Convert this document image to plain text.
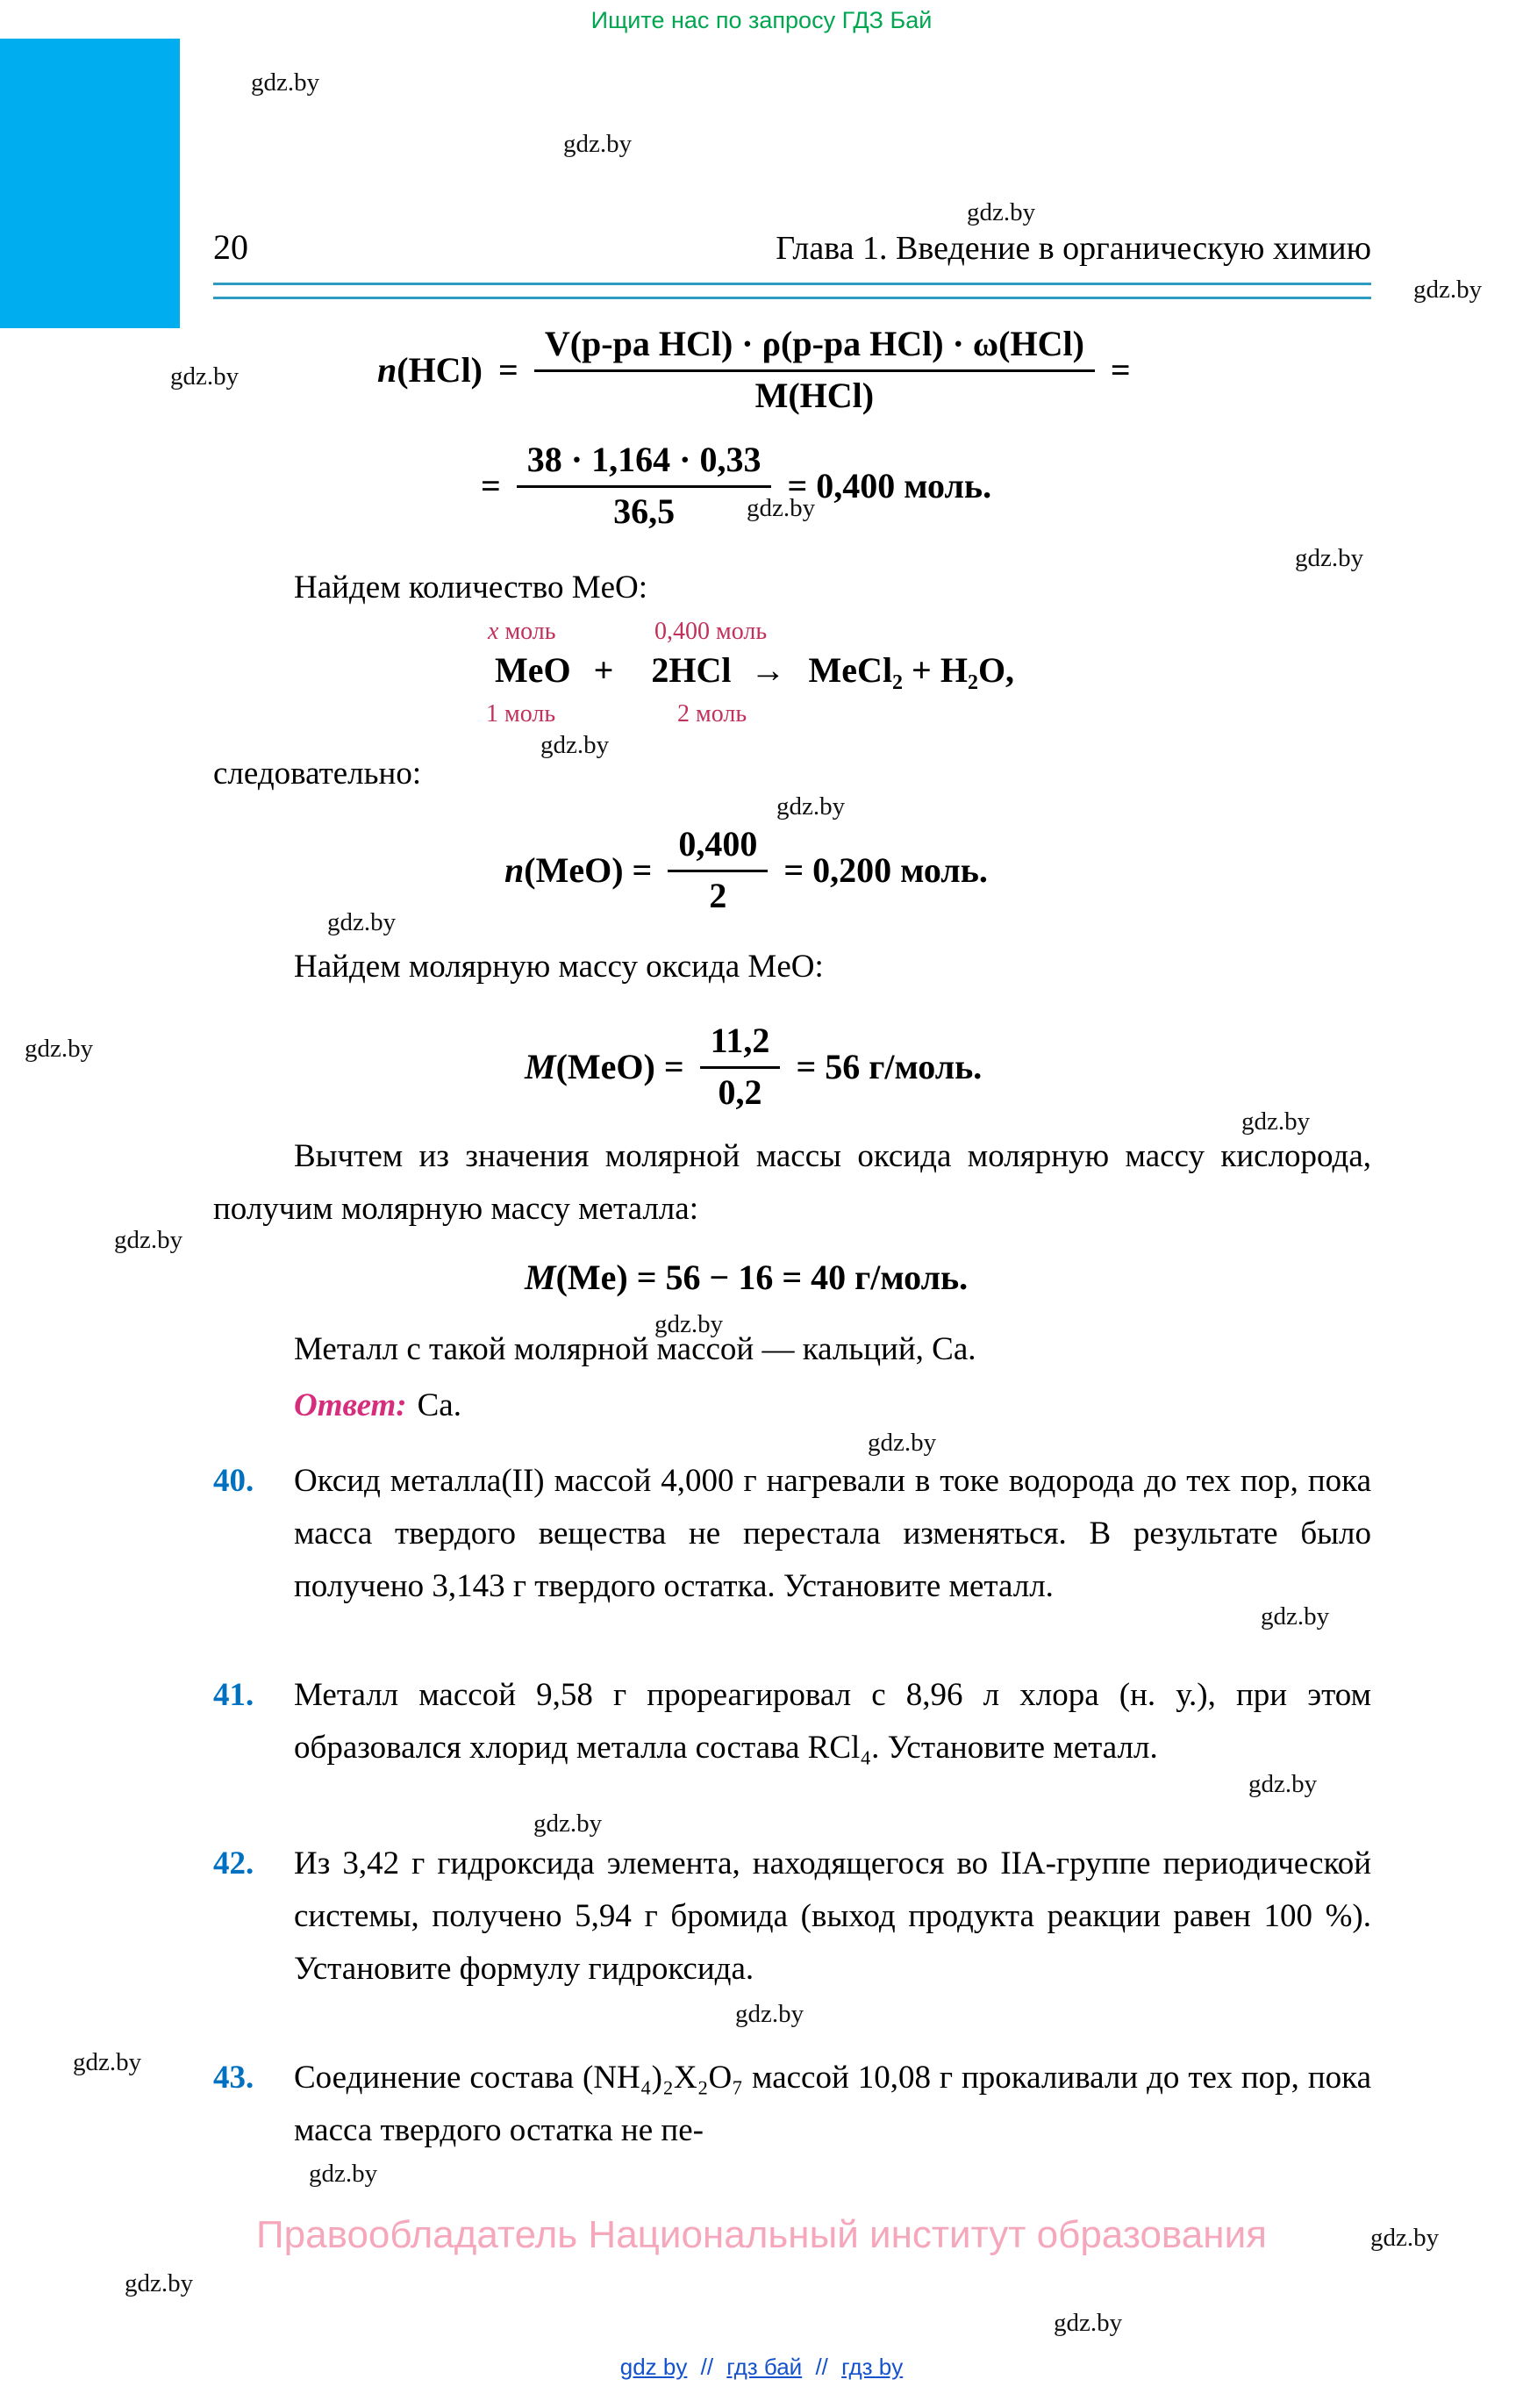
Ищите нас по запросу ГДЗ Бай
20	Глава 1. Введение в органическую химию
n $(HCl) = \frac{\text{V(р-ра HCl) · ρ(р-ра HCl) · ω(HCl)}}{\text{M(HCl)}}$ =
= $\frac{38 \cdot 1,164 \cdot 0,33}{36,5} = 0,400$ моль.
Найдем количество MeO:
x моль	0,400 моль
MeO + 2HCl → MeCl₂ + H₂O,
1 моль	2 моль
следовательно:
n $(MeO) = \frac{0,400}{2} = 0,200$ моль.
Найдем молярную массу оксида MeO:
M $(MeO) = \frac{11,2}{0,2} = 56$ г/моль.
Вычтем из значения молярной массы оксида молярную массу кислорода, получим молярную массу металла:
M (Me) = 56 − 16 = 40 г/моль.
Металл с такой молярной массой — кальций, Ca.
Ответ: Ca.
40. Оксид металла(II) массой 4,000 г нагревали в токе водорода до тех пор, пока масса твердого вещества не перестала изменяться. В результате было получено 3,143 г твердого остатка. Установите металл.
41. Металл массой 9,58 г прореагировал с 8,96 л хлора (н. у.), при этом образовался хлорид металла состава RCl₄. Установите металл.
42. Из 3,42 г гидроксида элемента, находящегося во IIА-группе периодической системы, получено 5,94 г бромида (выход продукта реакции равен 100 %). Установите формулу гидроксида.
43. Соединение состава (NH₄)₂X₂O₇ массой 10,08 г прокаливали до тех пор, пока масса твердого остатка не пе-
Правообладатель Национальный институт образования
gdz by // гдз бай // гдз by
gdz.by
gdz.by
gdz.by
gdz.by
gdz.by
gdz.by
gdz.by
gdz.by
gdz.by
gdz.by
gdz.by
gdz.by
gdz.by
gdz.by
gdz.by
gdz.by
gdz.by
gdz.by
gdz.by
gdz.by
gdz.by
gdz.by
gdz.by
gdz.by
